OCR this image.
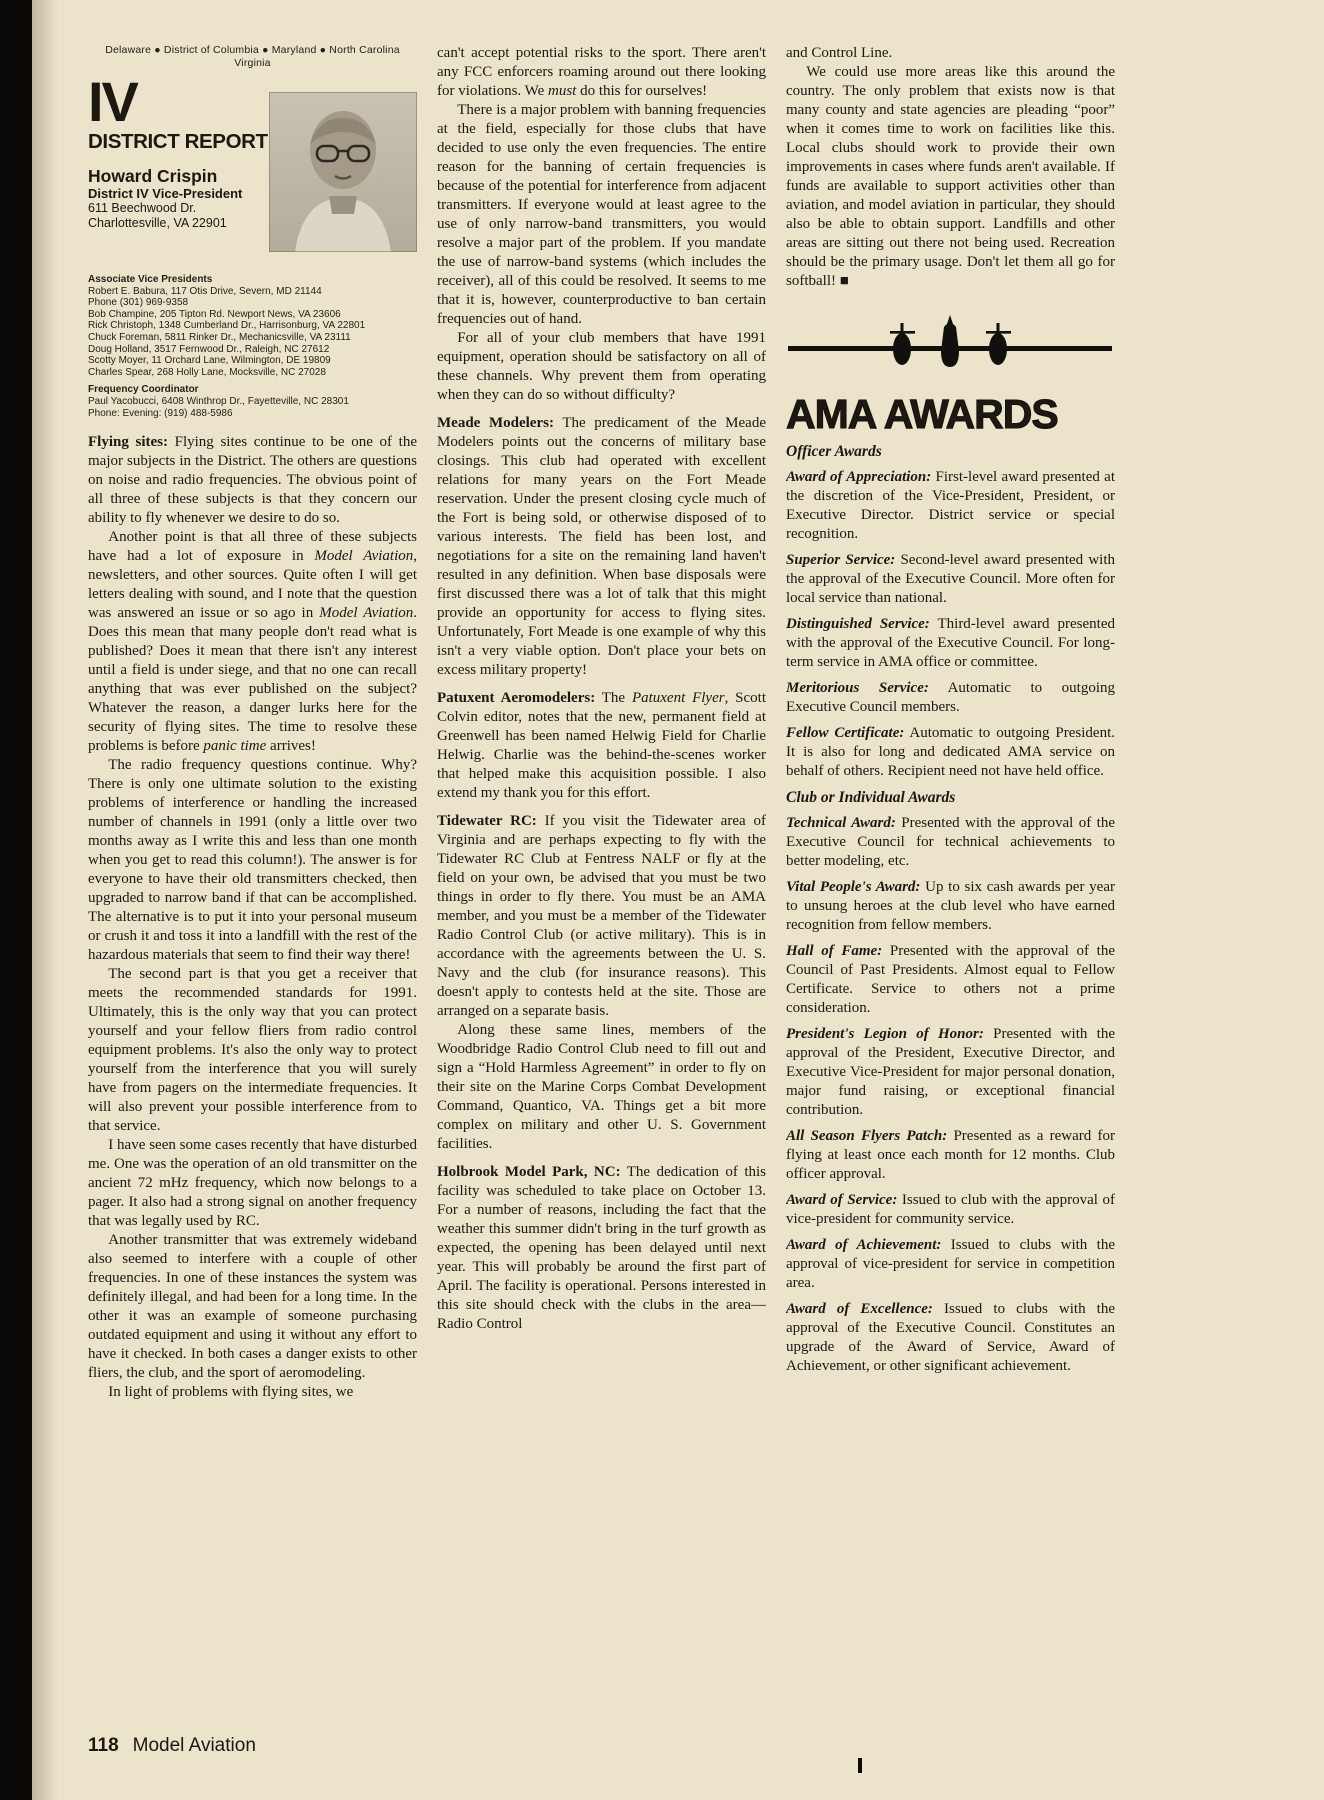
Delaware ● District of Columbia ● Maryland ● North Carolina
Virginia
IV
DISTRICT REPORT
Howard Crispin
District IV Vice-President
611 Beechwood Dr.
Charlottesville, VA 22901
Associate Vice Presidents
Robert E. Babura, 117 Otis Drive, Severn, MD 21144
Phone (301) 969-9358
Bob Champine, 205 Tipton Rd. Newport News, VA 23606
Rick Christoph, 1348 Cumberland Dr., Harrisonburg, VA 22801
Chuck Foreman, 5811 Rinker Dr., Mechanicsville, VA 23111
Doug Holland, 3517 Fernwood Dr., Raleigh, NC 27612
Scotty Moyer, 11 Orchard Lane, Wilmington, DE 19809
Charles Spear, 268 Holly Lane, Mocksville, NC 27028
Frequency Coordinator
Paul Yacobucci, 6408 Winthrop Dr., Fayetteville, NC 28301
Phone: Evening: (919) 488-5986

Flying sites: Flying sites continue to be one of the major subjects in the District. The others are questions on noise and radio frequencies. The obvious point of all three of these subjects is that they concern our ability to fly whenever we desire to do so.

Another point is that all three of these subjects have had a lot of exposure in Model Aviation, newsletters, and other sources. Quite often I will get letters dealing with sound, and I note that the question was answered an issue or so ago in Model Aviation. Does this mean that many people don't read what is published? Does it mean that there isn't any interest until a field is under siege, and that no one can recall anything that was ever published on the subject? Whatever the reason, a danger lurks here for the security of flying sites. The time to resolve these problems is before panic time arrives!

The radio frequency questions continue. Why? There is only one ultimate solution to the existing problems of interference or handling the increased number of channels in 1991 (only a little over two months away as I write this and less than one month when you get to read this column!). The answer is for everyone to have their old transmitters checked, then upgraded to narrow band if that can be accomplished. The alternative is to put it into your personal museum or crush it and toss it into a landfill with the rest of the hazardous materials that seem to find their way there!

The second part is that you get a receiver that meets the recommended standards for 1991. Ultimately, this is the only way that you can protect yourself and your fellow fliers from radio control equipment problems. It's also the only way to protect yourself from the interference that you will surely have from pagers on the intermediate frequencies. It will also prevent your possible interference from to that service.

I have seen some cases recently that have disturbed me. One was the operation of an old transmitter on the ancient 72 mHz frequency, which now belongs to a pager. It also had a strong signal on another frequency that was legally used by RC.

Another transmitter that was extremely wideband also seemed to interfere with a couple of other frequencies. In one of these instances the system was definitely illegal, and had been for a long time. In the other it was an example of someone purchasing outdated equipment and using it without any effort to have it checked. In both cases a danger exists to other fliers, the club, and the sport of aeromodeling.

In light of problems with flying sites, we

can't accept potential risks to the sport. There aren't any FCC enforcers roaming around out there looking for violations. We must do this for ourselves!

There is a major problem with banning frequencies at the field, especially for those clubs that have decided to use only the even frequencies. The entire reason for the banning of certain frequencies is because of the potential for interference from adjacent transmitters. If everyone would at least agree to the use of only narrow-band transmitters, you would resolve a major part of the problem. If you mandate the use of narrow-band systems (which includes the receiver), all of this could be resolved. It seems to me that it is, however, counterproductive to ban certain frequencies out of hand.

For all of your club members that have 1991 equipment, operation should be satisfactory on all of these channels. Why prevent them from operating when they can do so without difficulty?

Meade Modelers: The predicament of the Meade Modelers points out the concerns of military base closings. This club had operated with excellent relations for many years on the Fort Meade reservation. Under the present closing cycle much of the Fort is being sold, or otherwise disposed of to various interests. The field has been lost, and negotiations for a site on the remaining land haven't resulted in any definition. When base disposals were first discussed there was a lot of talk that this might provide an opportunity for access to flying sites. Unfortunately, Fort Meade is one example of why this isn't a very viable option. Don't place your bets on excess military property!

Patuxent Aeromodelers: The Patuxent Flyer, Scott Colvin editor, notes that the new, permanent field at Greenwell has been named Helwig Field for Charlie Helwig. Charlie was the behind-the-scenes worker that helped make this acquisition possible. I also extend my thank you for this effort.

Tidewater RC: If you visit the Tidewater area of Virginia and are perhaps expecting to fly with the Tidewater RC Club at Fentress NALF or fly at the field on your own, be advised that you must be two things in order to fly there. You must be an AMA member, and you must be a member of the Tidewater Radio Control Club (or active military). This is in accordance with the agreements between the U. S. Navy and the club (for insurance reasons). This doesn't apply to contests held at the site. Those are arranged on a separate basis.

Along these same lines, members of the Woodbridge Radio Control Club need to fill out and sign a “Hold Harmless Agreement” in order to fly on their site on the Marine Corps Combat Development Command, Quantico, VA. Things get a bit more complex on military and other U. S. Government facilities.

Holbrook Model Park, NC: The dedication of this facility was scheduled to take place on October 13. For a number of reasons, including the fact that the weather this summer didn't bring in the turf growth as expected, the opening has been delayed until next year. This will probably be around the first part of April. The facility is operational. Persons interested in this site should check with the clubs in the area—Radio Control

and Control Line.

We could use more areas like this around the country. The only problem that exists now is that many county and state agencies are pleading “poor” when it comes time to work on facilities like this. Local clubs should work to provide their own improvements in cases where funds aren't available. If funds are available to support activities other than aviation, and model aviation in particular, they should also be able to obtain support. Landfills and other areas are sitting out there not being used. Recreation should be the primary usage. Don't let them all go for softball! ■

AMA AWARDS
Officer Awards

Award of Appreciation: First-level award presented at the discretion of the Vice-President, President, or Executive Director. District service or special recognition.

Superior Service: Second-level award presented with the approval of the Executive Council. More often for local service than national.

Distinguished Service: Third-level award presented with the approval of the Executive Council. For long-term service in AMA office or committee.

Meritorious Service: Automatic to outgoing Executive Council members.

Fellow Certificate: Automatic to outgoing President. It is also for long and dedicated AMA service on behalf of others. Recipient need not have held office.

Club or Individual Awards

Technical Award: Presented with the approval of the Executive Council for technical achievements to better modeling, etc.

Vital People's Award: Up to six cash awards per year to unsung heroes at the club level who have earned recognition from fellow members.

Hall of Fame: Presented with the approval of the Council of Past Presidents. Almost equal to Fellow Certificate. Service to others not a prime consideration.

President's Legion of Honor: Presented with the approval of the President, Executive Director, and Executive Vice-President for major personal donation, major fund raising, or exceptional financial contribution.

All Season Flyers Patch: Presented as a reward for flying at least once each month for 12 months. Club officer approval.

Award of Service: Issued to club with the approval of vice-president for community service.

Award of Achievement: Issued to clubs with the approval of vice-president for service in competition area.

Award of Excellence: Issued to clubs with the approval of the Executive Council. Constitutes an upgrade of the Award of Service, Award of Achievement, or other significant achievement.

118 Model Aviation
